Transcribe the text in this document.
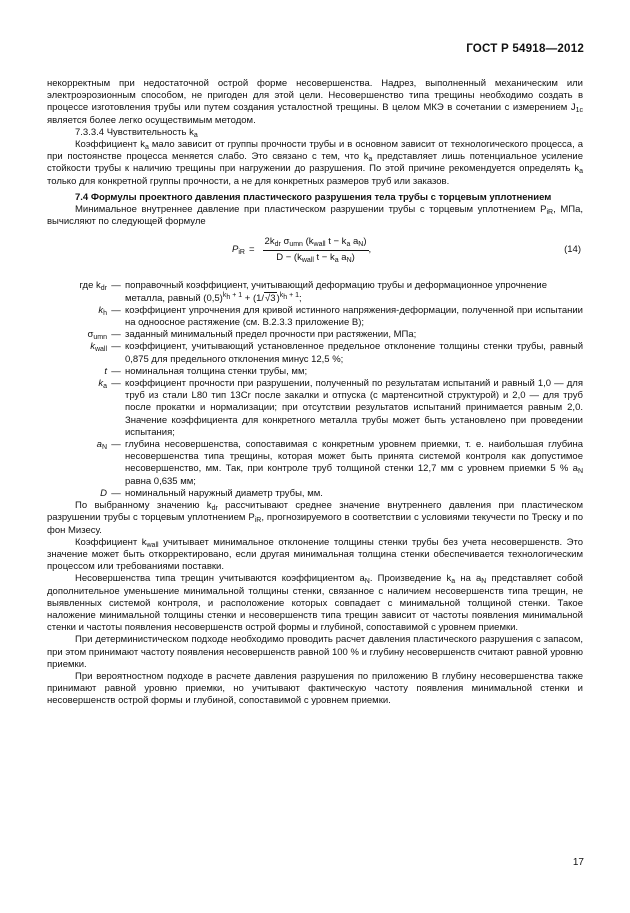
ГОСТ Р 54918—2012

некорректным при недостаточной острой форме несовершенства. Надрез, выполненный механическим или электроэрозионным способом, не пригоден для этой цели. Несовершенство типа трещины необходимо создать в процессе изготовления трубы или путем создания усталостной трещины. В целом МКЭ в сочетании с измерением $J_{1c}$ является более легко осуществимым методом.

7.3.3.4 Чувствительность $k_a$

Коэффициент $k_a$ мало зависит от группы прочности трубы и в основном зависит от технологического процесса, а при постоянстве процесса меняется слабо. Это связано с тем, что $k_a$ представляет лишь потенциальное усиление стойкости трубы к наличию трещины при нагружении до разрушения. По этой причине рекомендуется определять $k_a$ только для конкретной группы прочности, а не для конкретных размеров труб или заказов.

7.4 Формулы проектного давления пластического разрушения тела трубы с торцевым уплотнением

Минимальное внутреннее давление при пластическом разрушении трубы с торцевым уплотнением $P_{iR}$, МПа, вычисляют по следующей формуле

$P_{iR} = \frac{2k_{dr} \sigma_{umn} (k_{wall} t - k_a a_N)}{D - (k_{wall} t - k_a a_N)}$ ,	(14)
где $k_{dr}$ — поправочный коэффициент, учитывающий деформацию трубы и деформационное упрочнение
металла, равный $(0,5)^{k_h + 1} + (1/√3)^{k_h + 1}$;
$k_h$ — коэффициент упрочнения для кривой истинного напряжения-деформации, полученной при испытании на одноосное растяжение (см. В.2.3.3 приложение В);
$\sigma_{umn}$ — заданный минимальный предел прочности при растяжении, МПа;
$k_{wall}$ — коэффициент, учитывающий установленное предельное отклонение толщины стенки трубы, равный 0,875 для предельного отклонения минус 12,5 %;
t — номинальная толщина стенки трубы, мм;
$k_a$ — коэффициент прочности при разрушении, полученный по результатам испытаний и равный 1,0 — для труб из стали L80 тип 13Cr после закалки и отпуска (с мартенситной структурой) и 2,0 — для труб после прокатки и нормализации; при отсутствии результатов испытаний принимается равным 2,0. Значение коэффициента для конкретного металла трубы может быть установлено при проведении испытания;
$a_N$ — глубина несовершенства, сопоставимая с конкретным уровнем приемки, т. е. наибольшая глубина несовершенства типа трещины, которая может быть принята системой контроля как допустимое несовершенство, мм. Так, при контроле труб толщиной стенки 12,7 мм с уровнем приемки 5 % $a_N$ равна 0,635 мм;
D — номинальный наружный диаметр трубы, мм.

По выбранному значению $k_{dr}$ рассчитывают среднее значение внутреннего давления при пластическом разрушении трубы с торцевым уплотнением $P_{iR}$, прогнозируемого в соответствии с условиями текучести по Треску и по фон Мизесу.

Коэффициент $k_{wall}$ учитывает минимальное отклонение толщины стенки трубы без учета несовершенств. Это значение может быть откорректировано, если другая минимальная толщина стенки обеспечивается технологическим процессом или требованиями поставки.

Несовершенства типа трещин учитываются коэффициентом $a_N$. Произведение $k_a$ на $a_N$ представляет собой дополнительное уменьшение минимальной толщины стенки, связанное с наличием несовершенств типа трещин, не выявленных системой контроля, и расположение которых совпадает с минимальной толщиной стенки. Такое наложение минимальной толщины стенки и несовершенств типа трещин зависит от частоты появления минимальной стенки и частоты появления несовершенств острой формы и глубиной, сопоставимой с уровнем приемки.

При детерминистическом подходе необходимо проводить расчет давления пластического разрушения с запасом, при этом принимают частоту появления несовершенств равной 100 % и глубину несовершенств считают равной уровню приемки.

При вероятностном подходе в расчете давления разрушения по приложению В глубину несовершенства также принимают равной уровню приемки, но учитывают фактическую частоту появления минимальной стенки и несовершенств острой формы и глубиной, сопоставимой с уровнем приемки.

17
